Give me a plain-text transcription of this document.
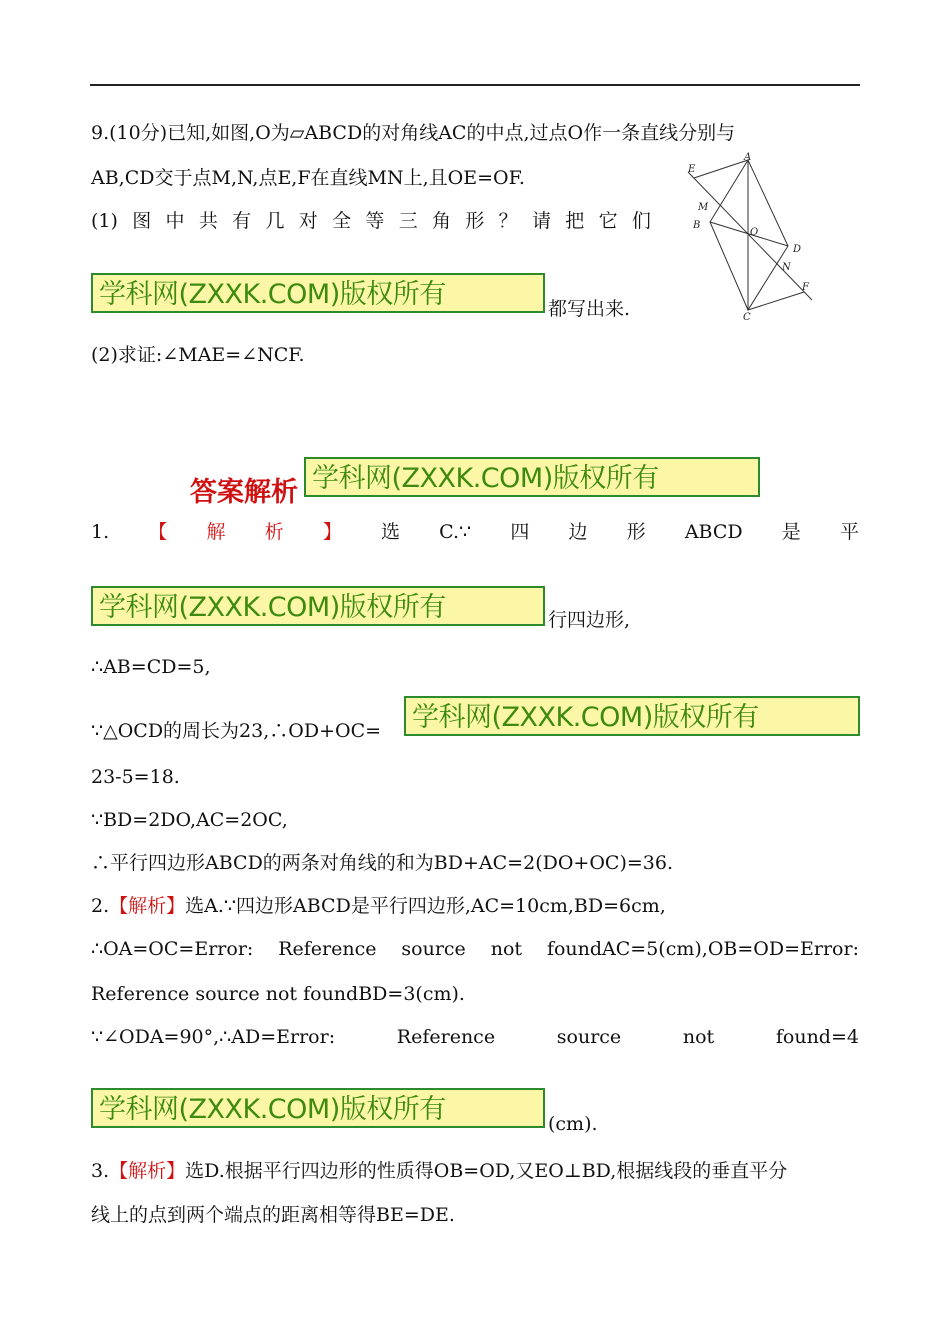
9.(10分)已知,如图,O为▱ABCD的对角线AC的中点,过点O作一条直线分别与
AB,CD交于点M,N,点E,F在直线MN上,且OE=OF.
(1) 图 中 共 有 几 对 全 等 三 角 形 ？ 请 把 它 们
学科网(ZXXK.COM)版权所有	都写出来.
(2)求证:∠MAE=∠NCF.
A
E
M
B
O
D
N
F
C
答案解析 学科网(ZXXK.COM)版权所有
1. 【 解 析 】 选 C.∵ 四 边 形 ABCD 是 平
学科网(ZXXK.COM)版权所有	行四边形,
∴AB=CD=5,
∵△OCD的周长为23,∴OD+OC= 学科网(ZXXK.COM)版权所有
23-5=18.
∵BD=2DO,AC=2OC,
∴平行四边形ABCD的两条对角线的和为BD+AC=2(DO+OC)=36.
2.【解析】选A.∵四边形ABCD是平行四边形,AC=10cm,BD=6cm,
∴OA=OC=Error: Reference source not foundAC=5(cm),OB=OD=Error:
Reference source not foundBD=3(cm).
∵∠ODA=90°,∴AD=Error:	Reference	source	not	found=4
学科网(ZXXK.COM)版权所有	(cm).
3.【解析】选D.根据平行四边形的性质得OB=OD,又EO⊥BD,根据线段的垂直平分
线上的点到两个端点的距离相等得BE=DE.
